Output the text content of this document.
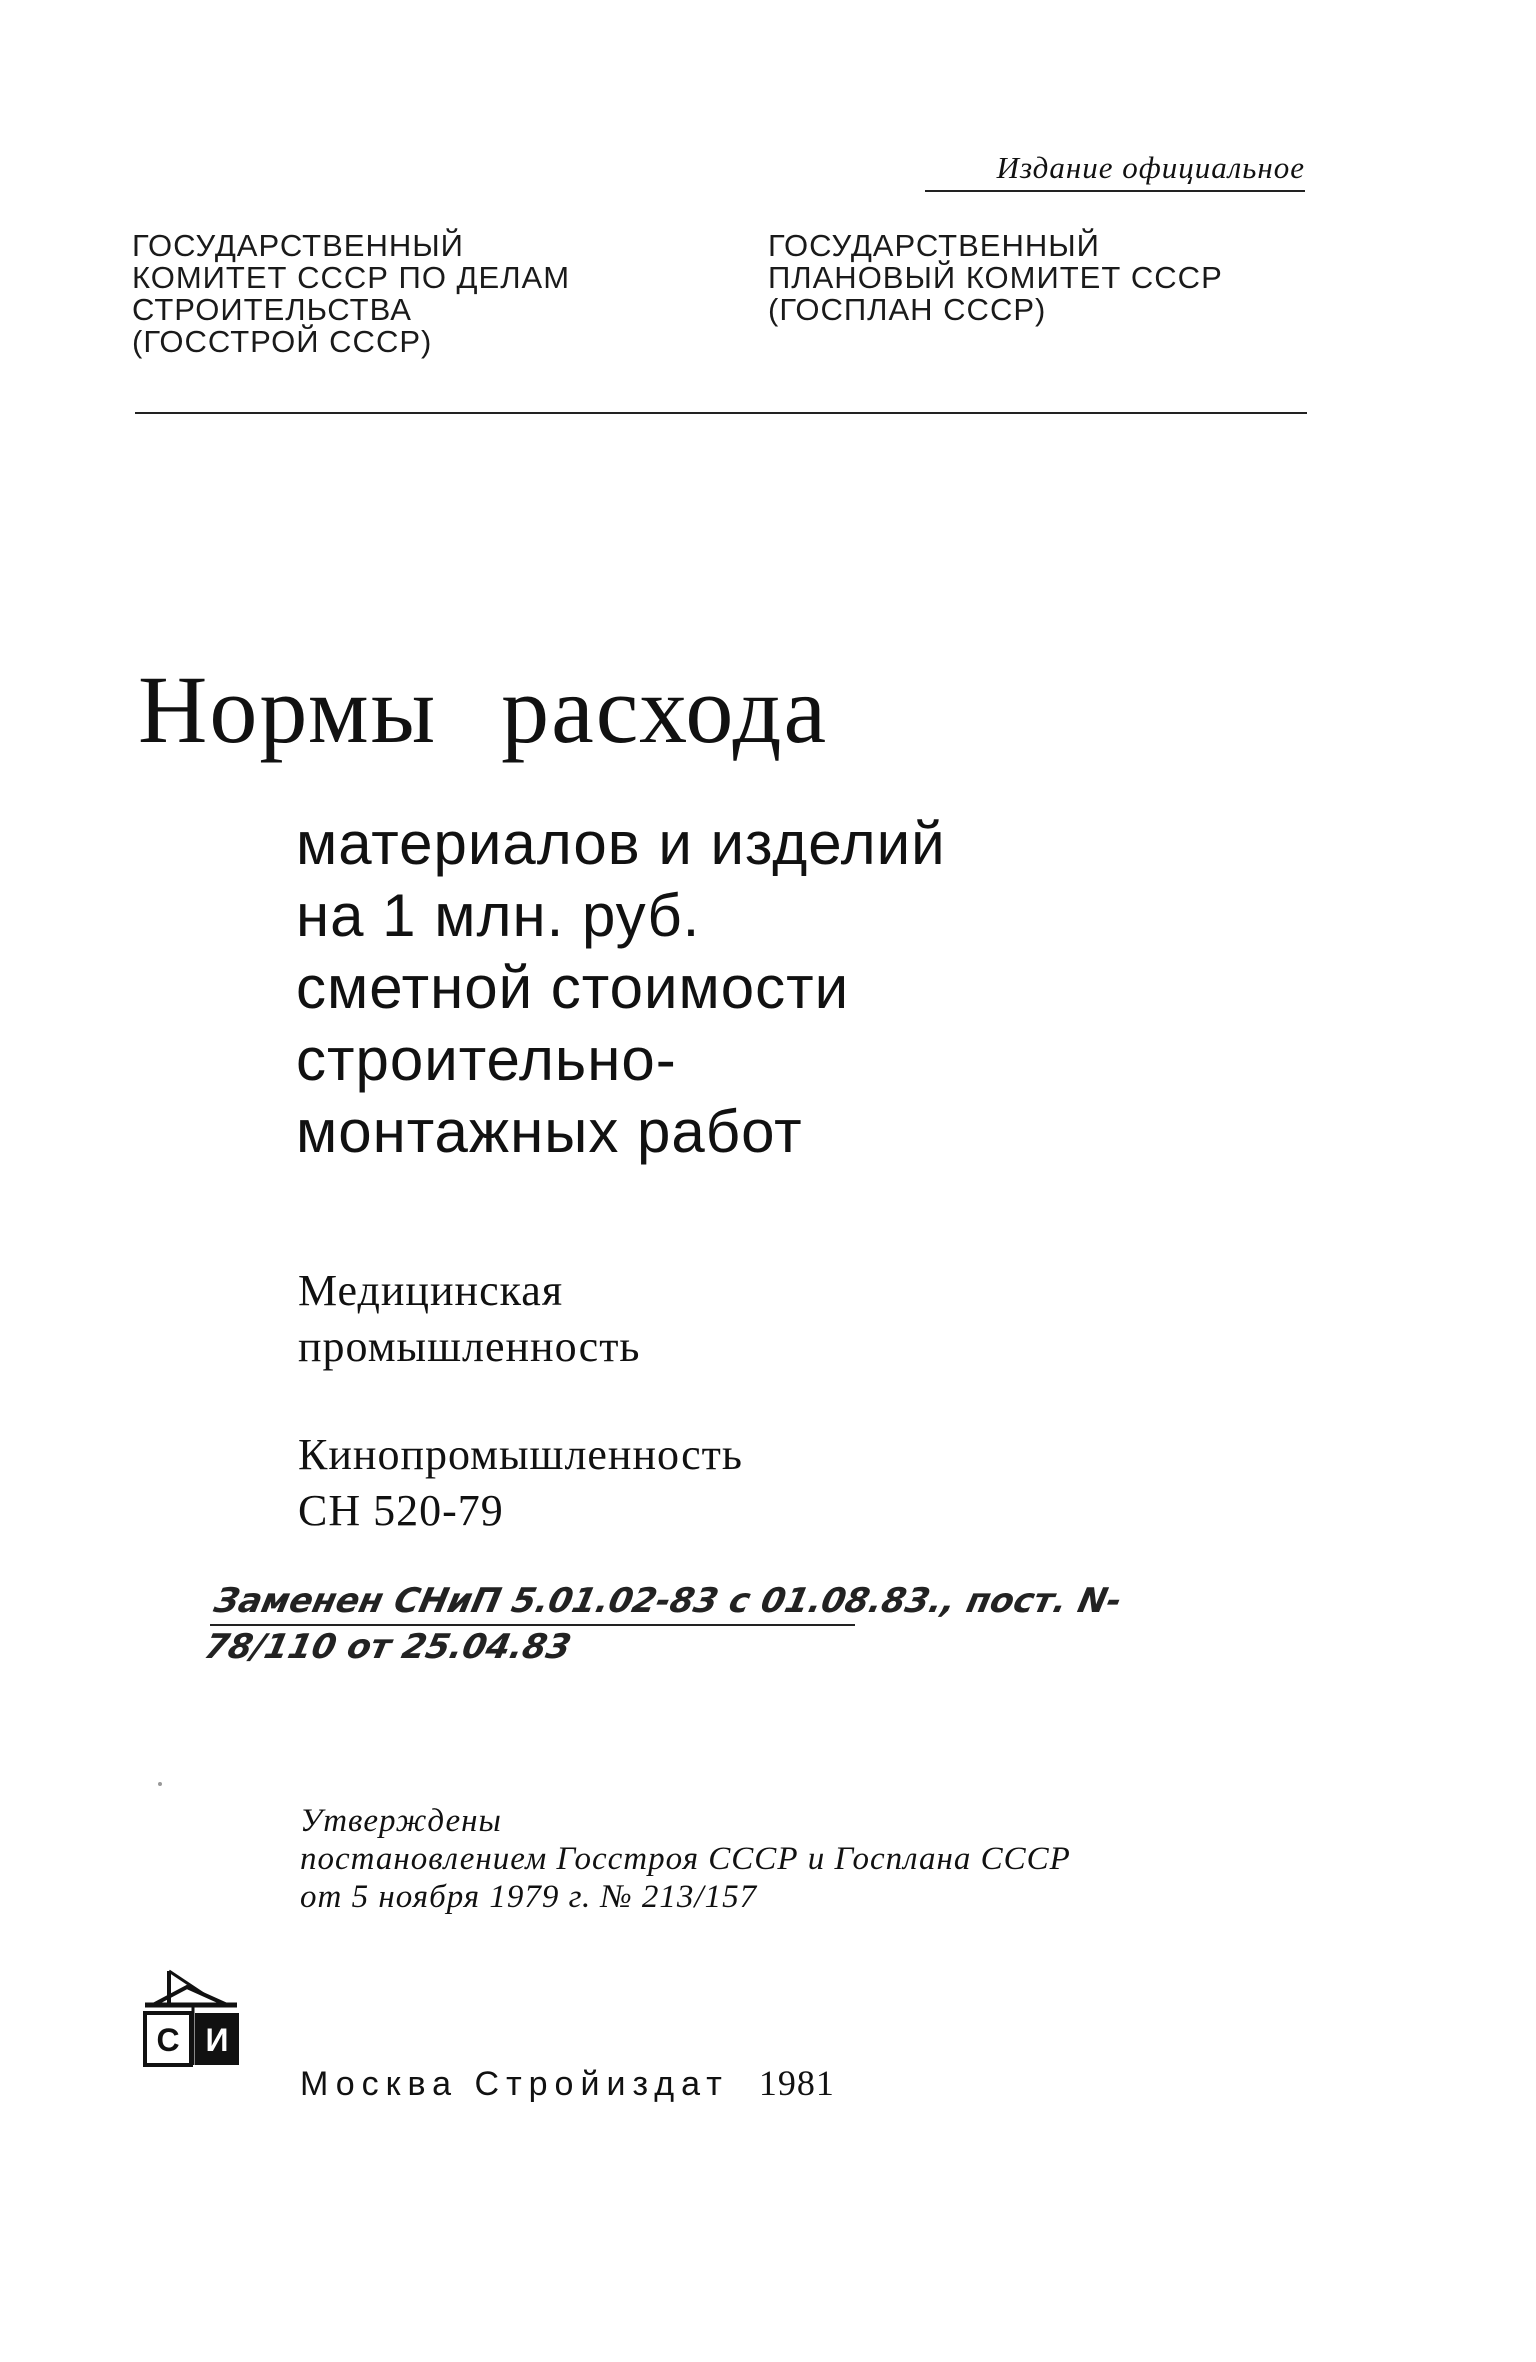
Издание официальное
ГОСУДАРСТВЕННЫЙ
КОМИТЕТ СССР ПО ДЕЛАМ
СТРОИТЕЛЬСТВА
(ГОССТРОЙ СССР)
ГОСУДАРСТВЕННЫЙ
ПЛАНОВЫЙ КОМИТЕТ СССР
(ГОСПЛАН СССР)
Нормы расхода
материалов и изделий
на 1 млн. руб.
сметной стоимости
строительно-
монтажных работ
Медицинская
промышленность
Кинопромышленность
СН 520-79
Заменен СНиП 5.01.02-83 с 01.08.83., пост. N-
78/110 от 25.04.83
Утверждены
постановлением Госстроя СССР и Госплана СССР
от 5 ноября 1979 г. № 213/157
С И
Москва Стройиздат 1981
